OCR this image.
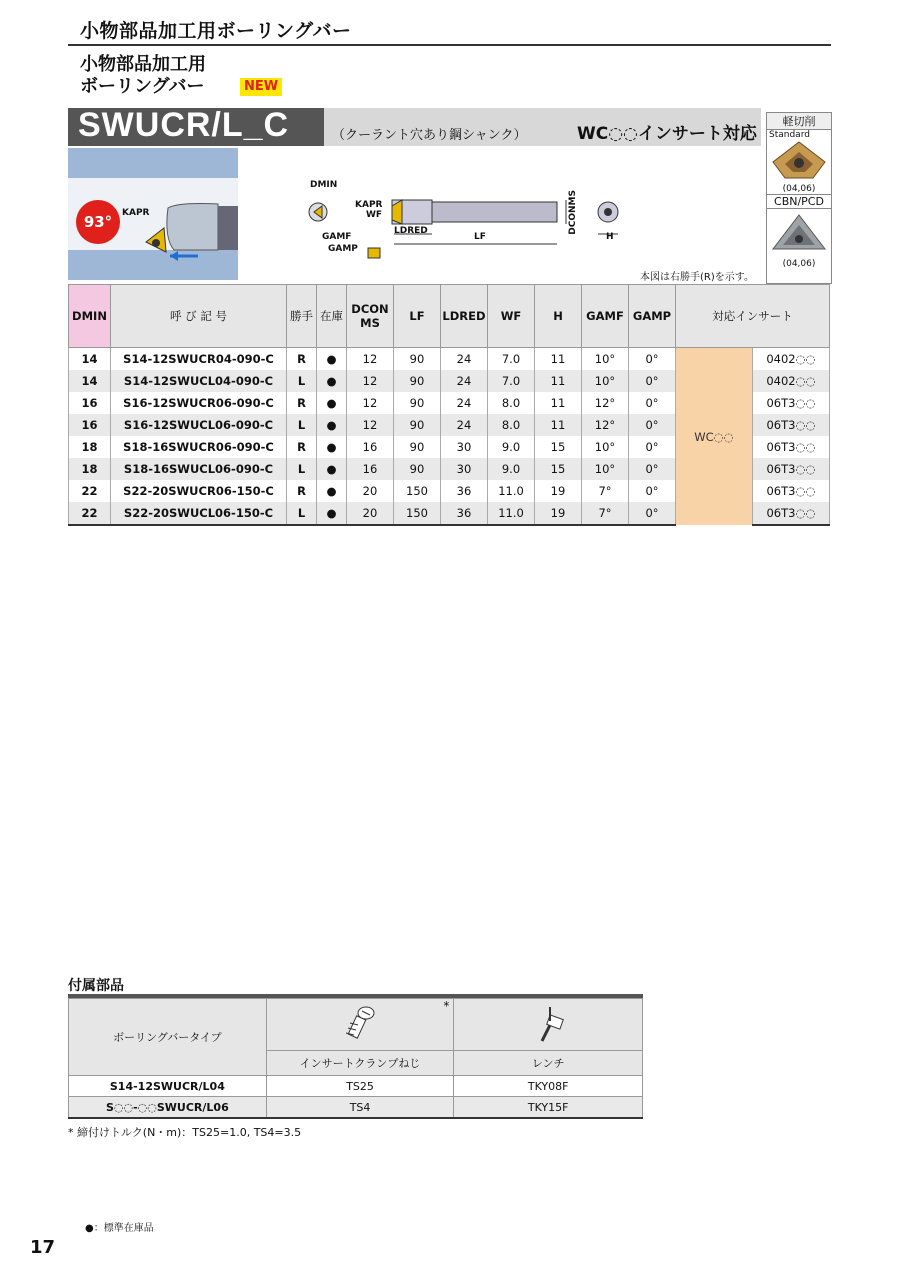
小物部品加工用ボーリングバー
小物部品加工用
ボーリングバー	NEW
SWUCR/L_C	（クーラント穴あり鋼シャンク）	WC◌◌インサート対応
軽切削
Standard
(04,06)
CBN/PCD
(04,06)
93°	KAPR
DMIN
KAPR
WF
GAMF
GAMP
LDRED
LF
DCONMS
H
本図は右勝手(R)を示す。
DMIN	呼 び 記 号	勝手	在庫	DCON MS	LF	LDRED	WF	H	GAMF	GAMP	対応インサート	
14	S14-12SWUCR04-090-C	R	●	12	90	24	7.0	11	10°	0°	WC◌◌	0402◌◌
14	S14-12SWUCL04-090-C	L	●	12	90	24	7.0	11	10°	0°		0402◌◌
16	S16-12SWUCR06-090-C	R	●	12	90	24	8.0	11	12°	0°		06T3◌◌
16	S16-12SWUCL06-090-C	L	●	12	90	24	8.0	11	12°	0°		06T3◌◌
18	S18-16SWUCR06-090-C	R	●	16	90	30	9.0	15	10°	0°		06T3◌◌
18	S18-16SWUCL06-090-C	L	●	16	90	30	9.0	15	10°	0°		06T3◌◌
22	S22-20SWUCR06-150-C	R	●	20	150	36	11.0	19	7°	0°		06T3◌◌
22	S22-20SWUCL06-150-C	L	●	20	150	36	11.0	19	7°	0°		06T3◌◌
付属部品
ボーリングバータイプ	*

	インサートクランプねじ	レンチ
S14-12SWUCR/L04	TS25	TKY08F
S◌◌-◌◌SWUCR/L06	TS4	TKY15F
* 締付けトルク(N・m)：TS25=1.0, TS4=3.5
●：標準在庫品
17
